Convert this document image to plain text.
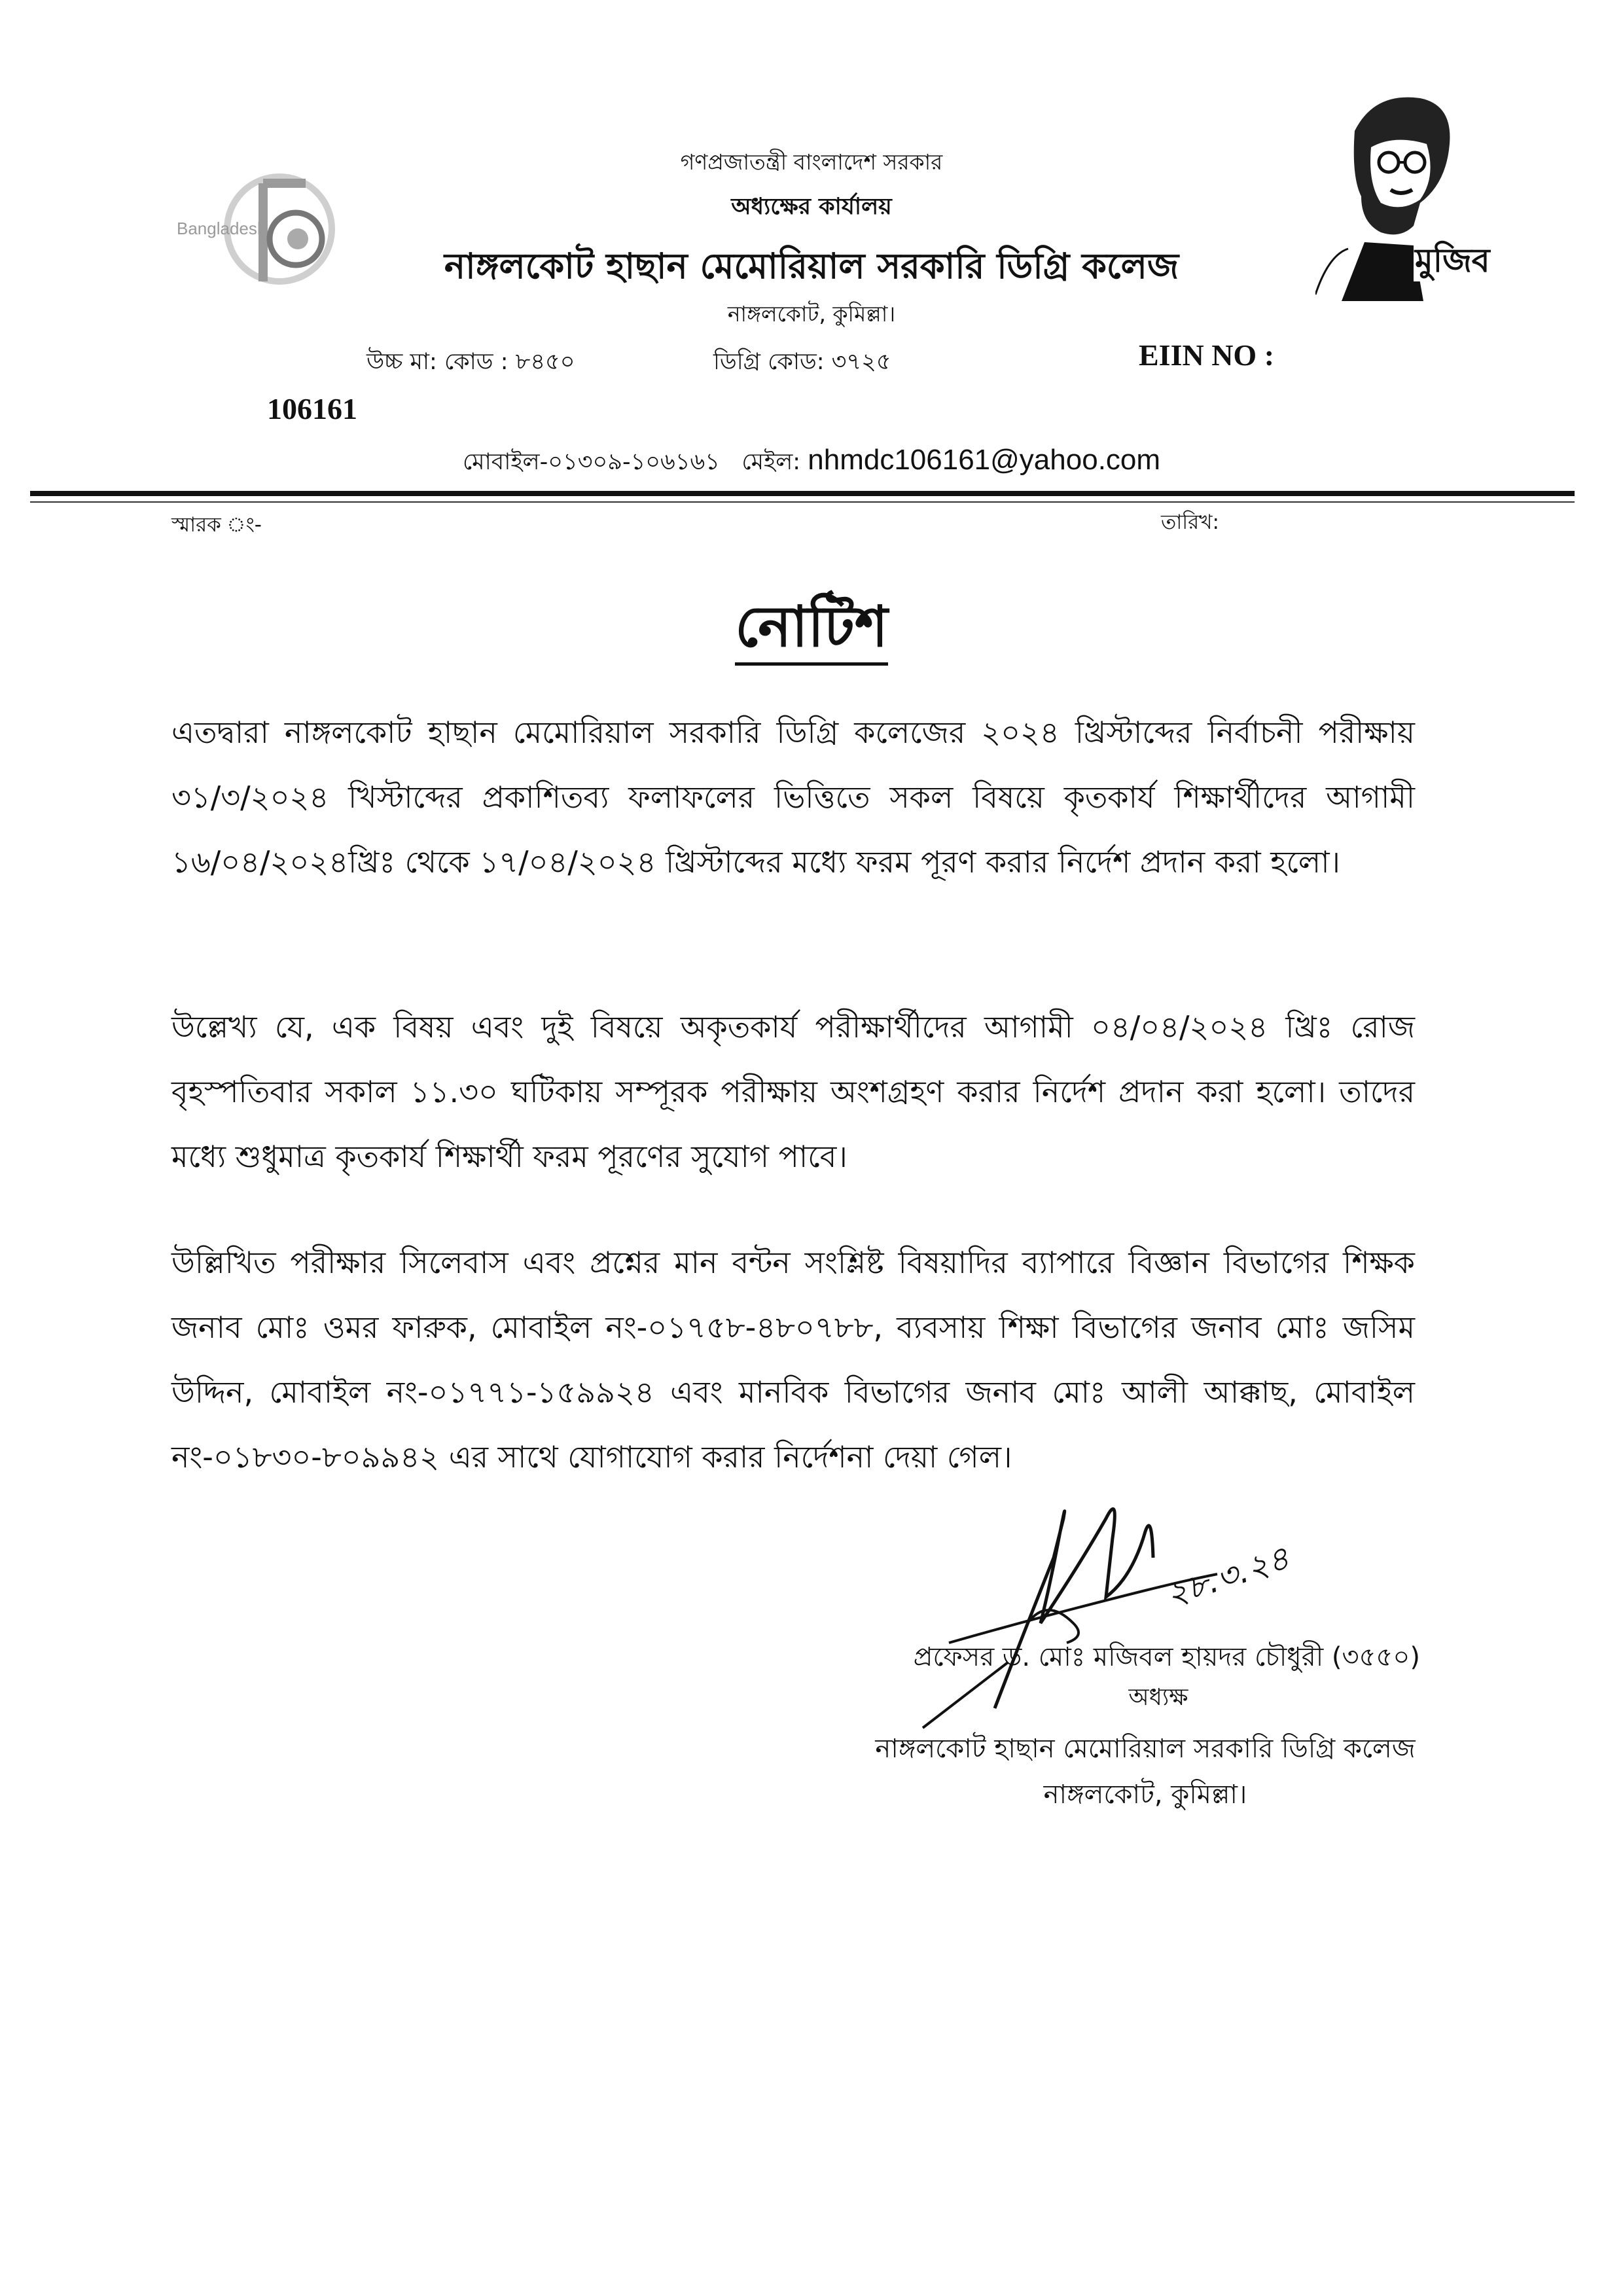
Bangladesh
মুজিব
গণপ্রজাতন্ত্রী বাংলাদেশ সরকার
অধ্যক্ষের কার্যালয়
নাঙ্গলকোট হাছান মেমোরিয়াল সরকারি ডিগ্রি কলেজ
নাঙ্গলকোট, কুমিল্লা।
উচ্চ মা: কোড : ৮৪৫০	ডিগ্রি কোড: ৩৭২৫	EIIN NO :
106161
মোবাইল-০১৩০৯-১০৬১৬১ মেইল: nhmdc106161@yahoo.com
স্মারক ং-	তারিখ:
নোটিশ
এতদ্বারা নাঙ্গলকোট হাছান মেমোরিয়াল সরকারি ডিগ্রি কলেজের ২০২৪ খ্রিস্টাব্দের নির্বাচনী পরীক্ষায় ৩১/৩/২০২৪ খিস্টাব্দের প্রকাশিতব্য ফলাফলের ভিত্তিতে সকল বিষয়ে কৃতকার্য শিক্ষার্থীদের আগামী ১৬/০৪/২০২৪খ্রিঃ থেকে ১৭/০৪/২০২৪ খ্রিস্টাব্দের মধ্যে ফরম পূরণ করার নির্দেশ প্রদান করা হলো।
উল্লেখ্য যে, এক বিষয় এবং দুই বিষয়ে অকৃতকার্য পরীক্ষার্থীদের আগামী ০৪/০৪/২০২৪ খ্রিঃ রোজ বৃহস্পতিবার সকাল ১১.৩০ ঘটিকায় সম্পূরক পরীক্ষায় অংশগ্রহণ করার নির্দেশ প্রদান করা হলো। তাদের মধ্যে শুধুমাত্র কৃতকার্য শিক্ষার্থী ফরম পূরণের সুযোগ পাবে।
উল্লিখিত পরীক্ষার সিলেবাস এবং প্রশ্নের মান বন্টন সংশ্লিষ্ট বিষয়াদির ব্যাপারে বিজ্ঞান বিভাগের শিক্ষক জনাব মোঃ ওমর ফারুক, মোবাইল নং-০১৭৫৮-৪৮০৭৮৮, ব্যবসায় শিক্ষা বিভাগের জনাব মোঃ জসিম উদ্দিন, মোবাইল নং-০১৭৭১-১৫৯৯২৪ এবং মানবিক বিভাগের জনাব মোঃ আলী আক্কাছ, মোবাইল নং-০১৮৩০-৮০৯৯৪২ এর সাথে যোগাযোগ করার নির্দেশনা দেয়া গেল।
২৮.৩.২৪
প্রফেসর ড. মোঃ মজিবল হায়দর চৌধুরী (৩৫৫০)
অধ্যক্ষ
নাঙ্গলকোট হাছান মেমোরিয়াল সরকারি ডিগ্রি কলেজ
নাঙ্গলকোট, কুমিল্লা।
